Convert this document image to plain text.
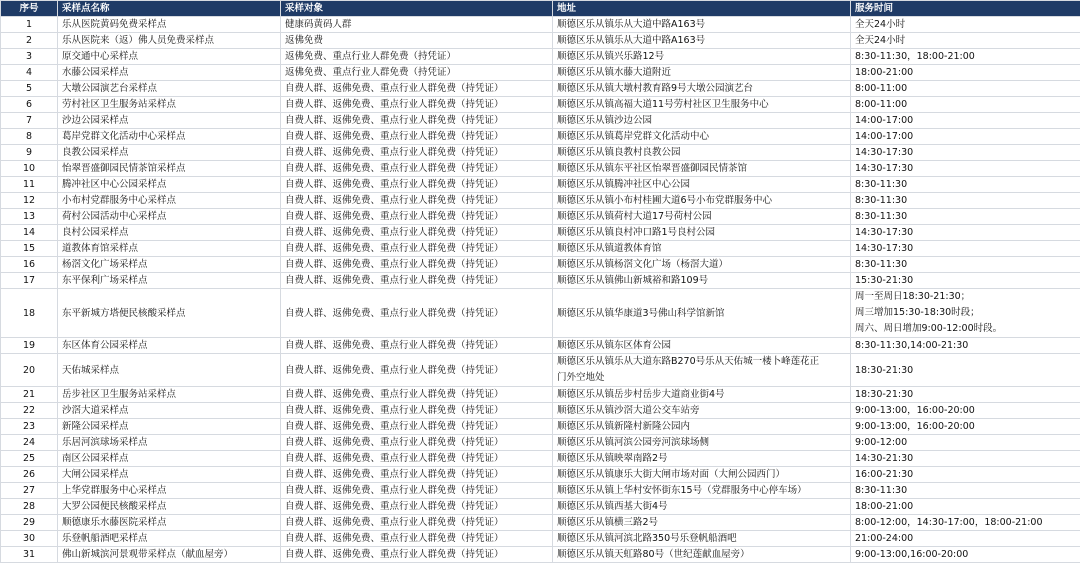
序号	采样点名称	采样对象	地址	服务时间
1	乐从医院黄码免费采样点	健康码黄码人群	顺德区乐从镇乐从大道中路A163号	全天24小时
2	乐从医院来（返）佛人员免费采样点	返佛免费	顺德区乐从镇乐从大道中路A163号	全天24小时
3	原交通中心采样点	返佛免费、重点行业人群免费（持凭证）	顺德区乐从镇兴乐路12号	8:30-11:30，18:00-21:00
4	水藤公园采样点	返佛免费、重点行业人群免费（持凭证）	顺德区乐从镇水藤大道附近	18:00-21:00
5	大墩公园演艺台采样点	自费人群、返佛免费、重点行业人群免费（持凭证）	顺德区乐从镇大墩村教育路9号大墩公园演艺台	8:00-11:00
6	劳村社区卫生服务站采样点	自费人群、返佛免费、重点行业人群免费（持凭证）	顺德区乐从镇高福大道11号劳村社区卫生服务中心	8:00-11:00
7	沙边公园采样点	自费人群、返佛免费、重点行业人群免费（持凭证）	顺德区乐从镇沙边公园	14:00-17:00
8	葛岸党群文化活动中心采样点	自费人群、返佛免费、重点行业人群免费（持凭证）	顺德区乐从镇葛岸党群文化活动中心	14:00-17:00
9	良教公园采样点	自费人群、返佛免费、重点行业人群免费（持凭证）	顺德区乐从镇良教村良教公园	14:30-17:30
10	怡翠晋盛御园民情茶馆采样点	自费人群、返佛免费、重点行业人群免费（持凭证）	顺德区乐从镇东平社区怡翠晋盛御园民情茶馆	14:30-17:30
11	腾冲社区中心公园采样点	自费人群、返佛免费、重点行业人群免费（持凭证）	顺德区乐从镇腾冲社区中心公园	8:30-11:30
12	小布村党群服务中心采样点	自费人群、返佛免费、重点行业人群免费（持凭证）	顺德区乐从镇小布村桂圃大道6号小布党群服务中心	8:30-11:30
13	荷村公园活动中心采样点	自费人群、返佛免费、重点行业人群免费（持凭证）	顺德区乐从镇荷村大道17号荷村公园	8:30-11:30
14	良村公园采样点	自费人群、返佛免费、重点行业人群免费（持凭证）	顺德区乐从镇良村冲口路1号良村公园	14:30-17:30
15	道教体育馆采样点	自费人群、返佛免费、重点行业人群免费（持凭证）	顺德区乐从镇道教体育馆	14:30-17:30
16	杨滘文化广场采样点	自费人群、返佛免费、重点行业人群免费（持凭证）	顺德区乐从镇杨滘文化广场（杨滘大道）	8:30-11:30
17	东平保利广场采样点	自费人群、返佛免费、重点行业人群免费（持凭证）	顺德区乐从镇佛山新城裕和路109号	15:30-21:30
18	东平新城方塔便民核酸采样点	自费人群、返佛免费、重点行业人群免费（持凭证）	顺德区乐从镇华康道3号佛山科学馆新馆	周一至周日18:30-21:30；
周三增加15:30-18:30时段；
周六、周日增加9:00-12:00时段。

19	东区体育公园采样点	自费人群、返佛免费、重点行业人群免费（持凭证）	顺德区乐从镇东区体育公园	8:30-11:30,14:00-21:30
20	天佑城采样点	自费人群、返佛免费、重点行业人群免费（持凭证）	顺德区乐从镇乐从大道东路B270号乐从天佑城一楼卜峰莲花正
门外空地处	18:30-21:30
21	岳步社区卫生服务站采样点	自费人群、返佛免费、重点行业人群免费（持凭证）	顺德区乐从镇岳步村岳步大道商业街4号	18:30-21:30
22	沙滘大道采样点	自费人群、返佛免费、重点行业人群免费（持凭证）	顺德区乐从镇沙滘大道公交车站旁	9:00-13:00，16:00-20:00
23	新隆公园采样点	自费人群、返佛免费、重点行业人群免费（持凭证）	顺德区乐从镇新隆村新隆公园内	9:00-13:00，16:00-20:00
24	乐居河滨球场采样点	自费人群、返佛免费、重点行业人群免费（持凭证）	顺德区乐从镇河滨公园旁河滨球场侧	9:00-12:00
25	南区公园采样点	自费人群、返佛免费、重点行业人群免费（持凭证）	顺德区乐从镇映翠南路2号	14:30-21:30
26	大闸公园采样点	自费人群、返佛免费、重点行业人群免费（持凭证）	顺德区乐从镇康乐大街大闸市场对面（大闸公园西门）	16:00-21:30
27	上华党群服务中心采样点	自费人群、返佛免费、重点行业人群免费（持凭证）	顺德区乐从镇上华村安怀街东15号（党群服务中心停车场）	8:30-11:30
28	大罗公园便民核酸采样点	自费人群、返佛免费、重点行业人群免费（持凭证）	顺德区乐从镇西基大街4号	18:00-21:00
29	顺德康乐水藤医院采样点	自费人群、返佛免费、重点行业人群免费（持凭证）	顺德区乐从镇横三路2号	8:00-12:00，14:30-17:00，18:00-21:00
30	乐登帆船酒吧采样点	自费人群、返佛免费、重点行业人群免费（持凭证）	顺德区乐从镇河滨北路350号乐登帆船酒吧	21:00-24:00
31	佛山新城滨河景观带采样点（献血屋旁）	自费人群、返佛免费、重点行业人群免费（持凭证）	顺德区乐从镇天虹路80号（世纪莲献血屋旁）	9:00-13:00,16:00-20:00
